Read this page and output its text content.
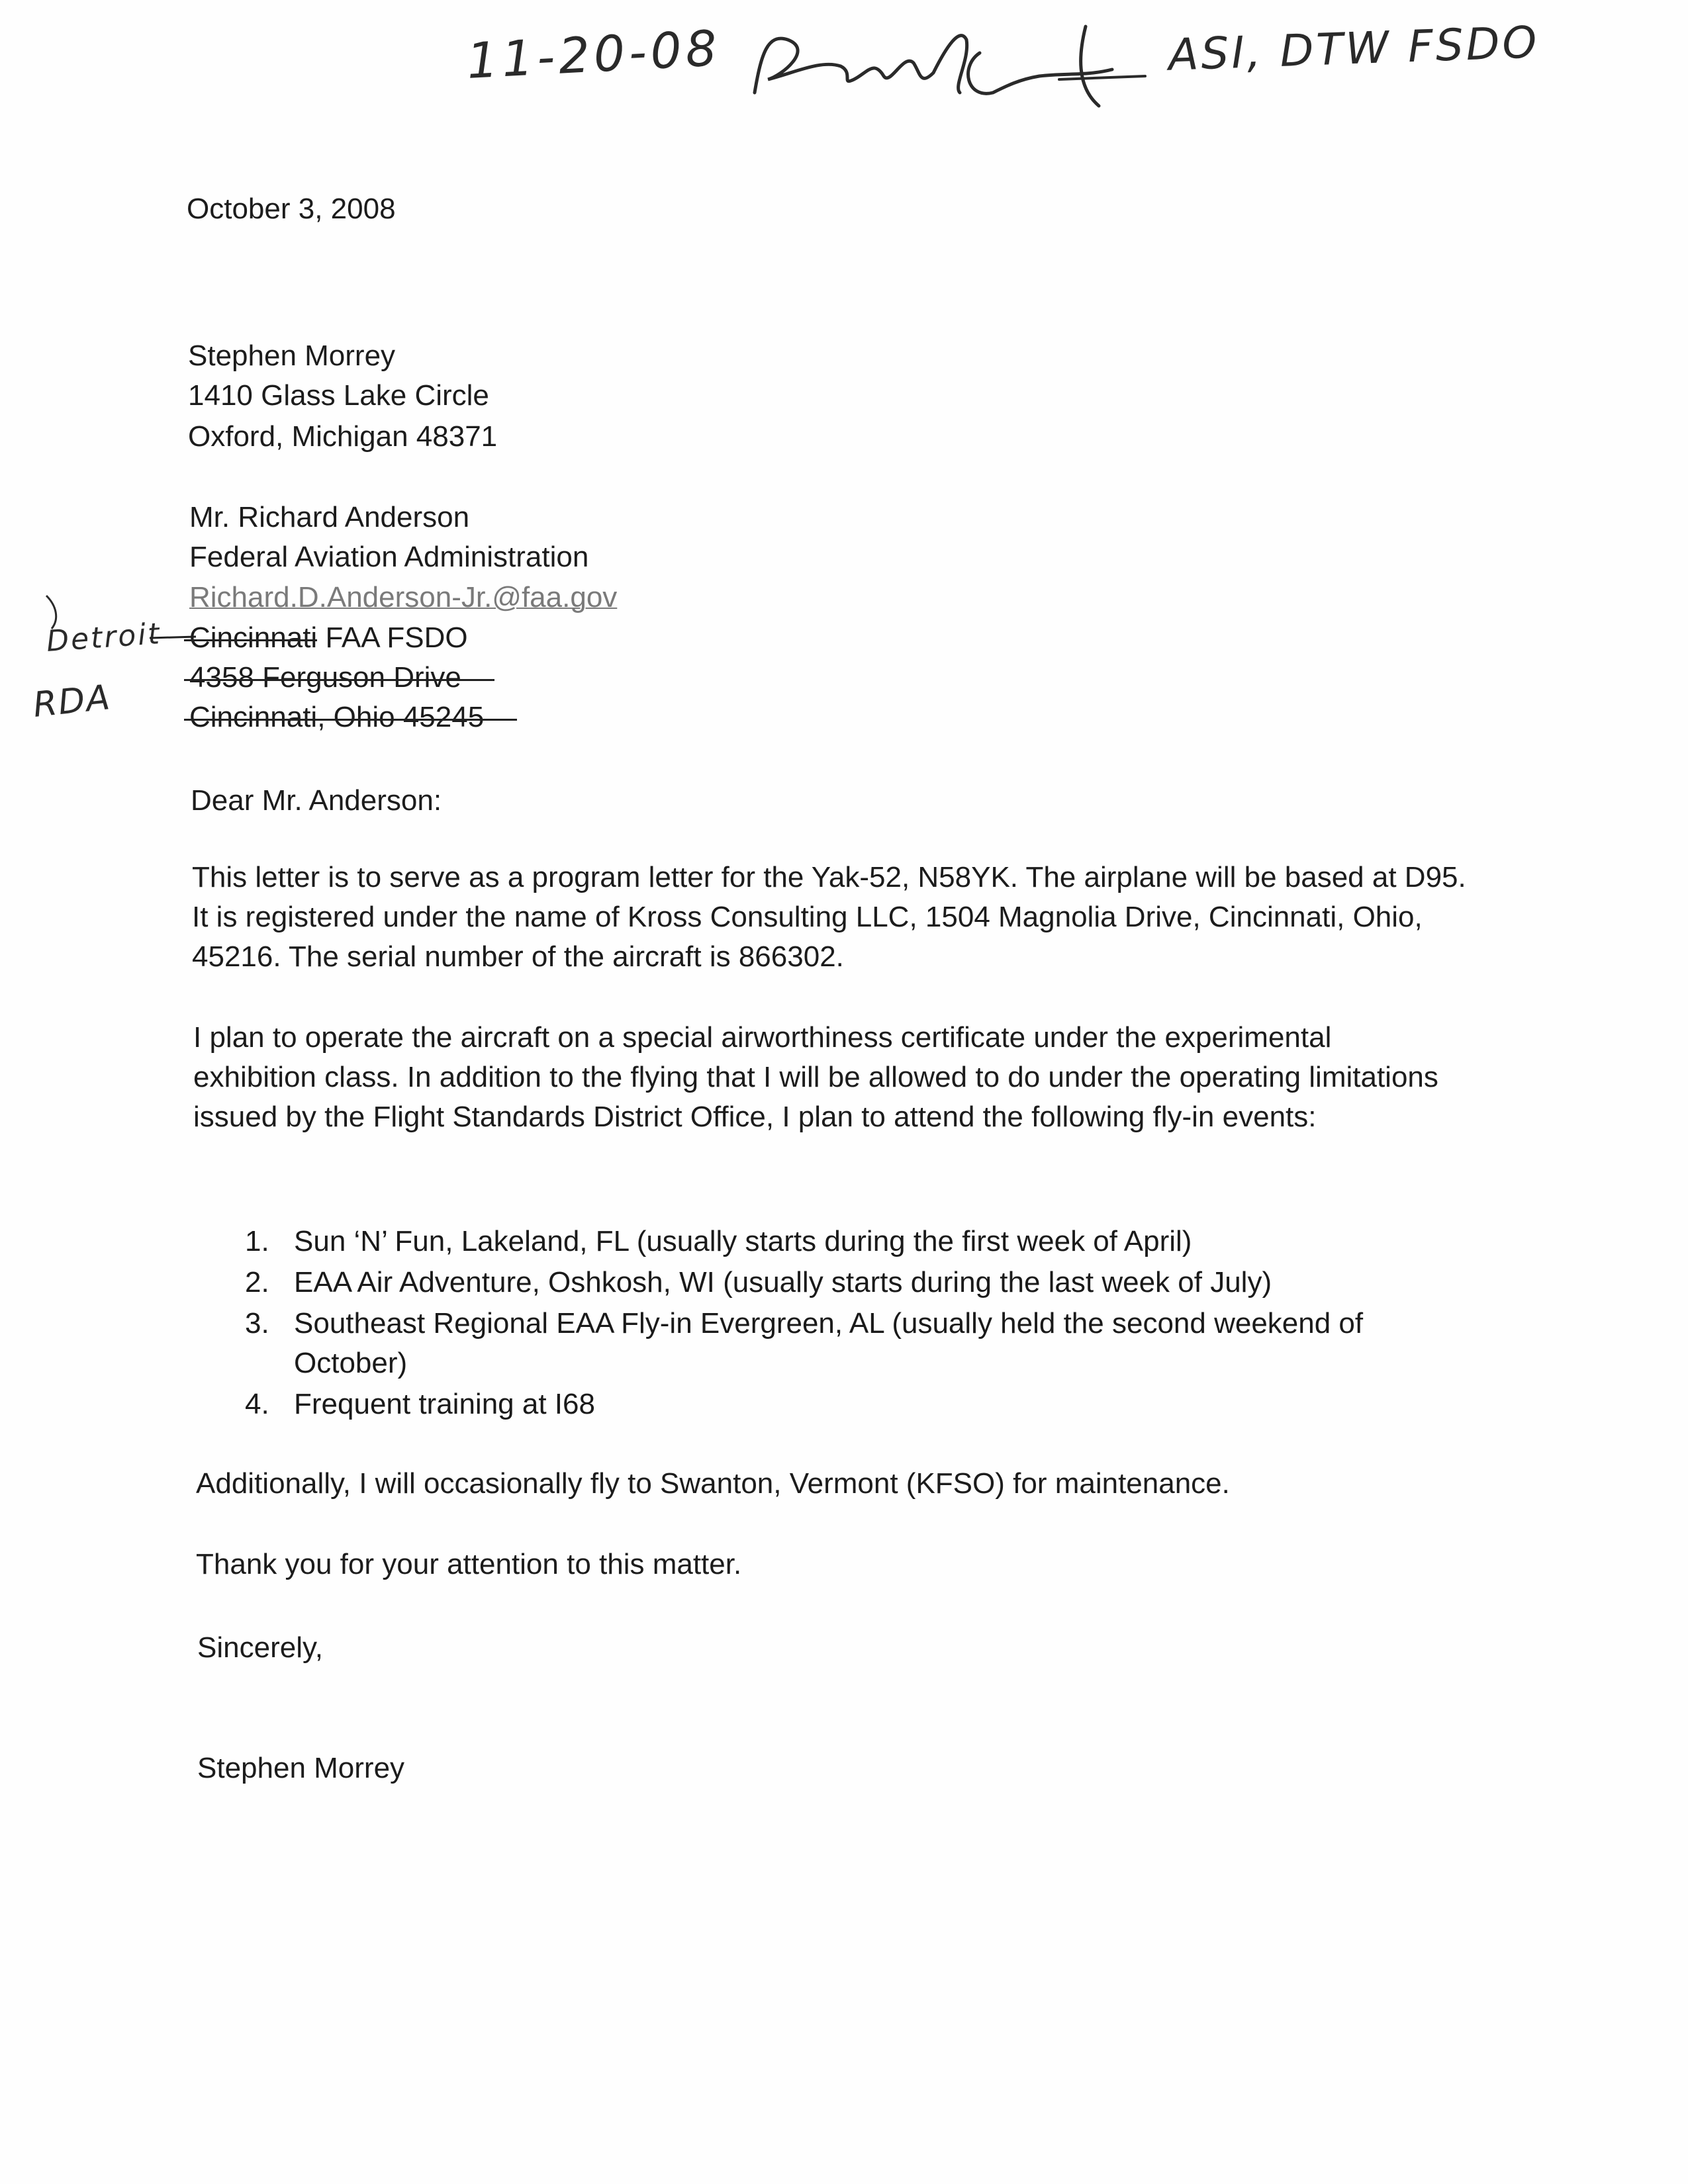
11-20-08	ASI, DTW FSDO
October 3, 2008
Stephen Morrey
1410 Glass Lake Circle
Oxford, Michigan 48371
Mr. Richard Anderson
Federal Aviation Administration
Richard.D.Anderson-Jr.@faa.gov
Detroit
RDA
Cincinnati FAA FSDO
4358 Ferguson Drive
Cincinnati, Ohio 45245
Dear Mr. Anderson:
This letter is to serve as a program letter for the Yak-52, N58YK. The airplane will be based at D95. It is registered under the name of Kross Consulting LLC, 1504 Magnolia Drive, Cincinnati, Ohio, 45216. The serial number of the aircraft is 866302.
I plan to operate the aircraft on a special airworthiness certificate under the experimental exhibition class. In addition to the flying that I will be allowed to do under the operating limitations issued by the Flight Standards District Office, I plan to attend the following fly-in events:
1. Sun ‘N’ Fun, Lakeland, FL (usually starts during the first week of April)
2. EAA Air Adventure, Oshkosh, WI (usually starts during the last week of July)
3. Southeast Regional EAA Fly-in Evergreen, AL (usually held the second weekend of October)
4. Frequent training at I68
Additionally, I will occasionally fly to Swanton, Vermont (KFSO) for maintenance.
Thank you for your attention to this matter.
Sincerely,
Stephen Morrey
